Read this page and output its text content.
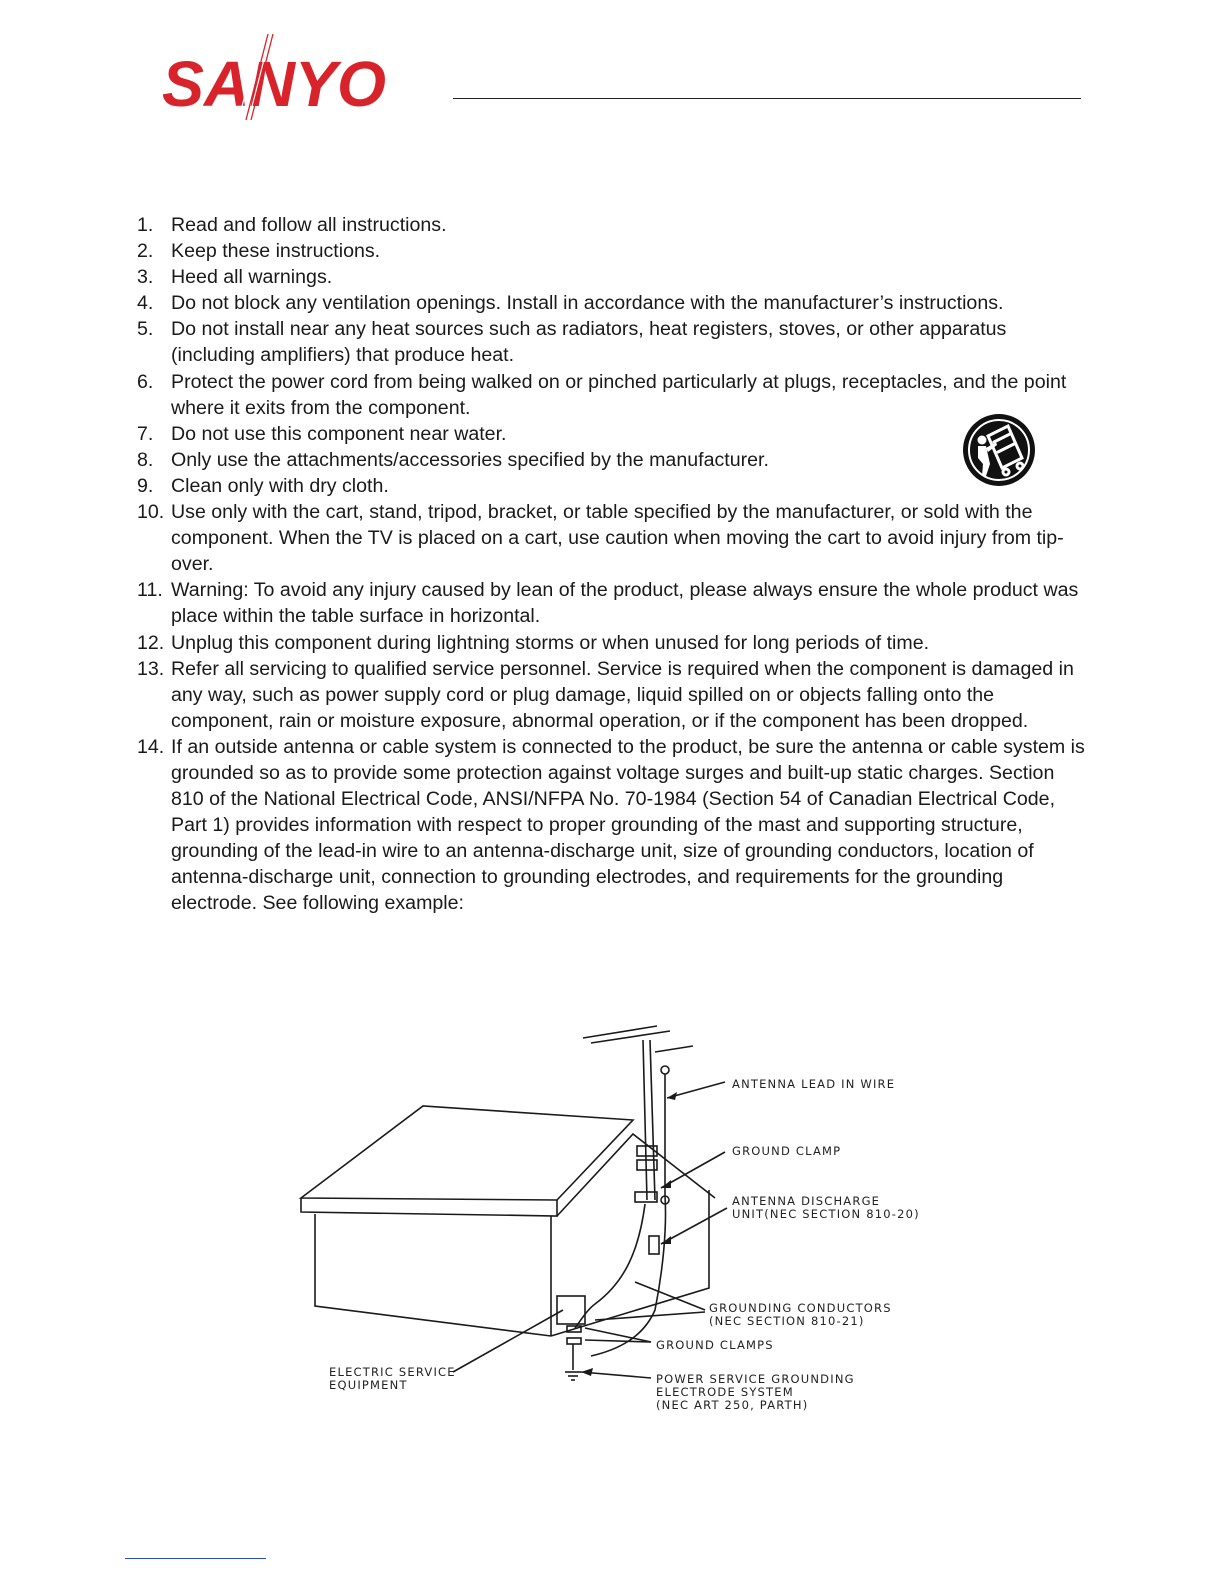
SANYO
1. Read and follow all instructions.
2. Keep these instructions.
3. Heed all warnings.
4. Do not block any ventilation openings. Install in accordance with the manufacturer’s instructions.
5. Do not install near any heat sources such as radiators, heat registers, stoves, or other apparatus (including amplifiers) that produce heat.
6. Protect the power cord from being walked on or pinched particularly at plugs, receptacles, and the point where it exits from the component.
7. Do not use this component near water.
8. Only use the attachments/accessories specified by the manufacturer.
9. Clean only with dry cloth.
10. Use only with the cart, stand, tripod, bracket, or table specified by the manufacturer, or sold with the component. When the TV is placed on a cart, use caution when moving the cart to avoid injury from tip-over.
11. Warning: To avoid any injury caused by lean of the product, please always ensure the whole product was place within the table surface in horizontal.
12. Unplug this component during lightning storms or when unused for long periods of time.
13. Refer all servicing to qualified service personnel. Service is required when the component is damaged in any way, such as power supply cord or plug damage, liquid spilled on or objects falling onto the component, rain or moisture exposure, abnormal operation, or if the component has been dropped.
14. If an outside antenna or cable system is connected to the product, be sure the antenna or cable system is grounded so as to provide some protection against voltage surges and built-up static charges. Section 810 of the National Electrical Code, ANSI/NFPA No. 70-1984 (Section 54 of Canadian Electrical Code, Part 1) provides information with respect to proper grounding of the mast and supporting structure, grounding of the lead-in wire to an antenna-discharge unit, size of grounding conductors, location of antenna-discharge unit, connection to grounding electrodes, and requirements for the grounding electrode. See following example:
ANTENNA LEAD IN WIRE
GROUND CLAMP
ANTENNA DISCHARGE
UNIT(NEC SECTION 810-20)
GROUNDING CONDUCTORS
(NEC SECTION 810-21)
GROUND CLAMPS
ELECTRIC SERVICE
EQUIPMENT	POWER SERVICE GROUNDING
ELECTRODE SYSTEM
(NEC ART 250, PARTH)
